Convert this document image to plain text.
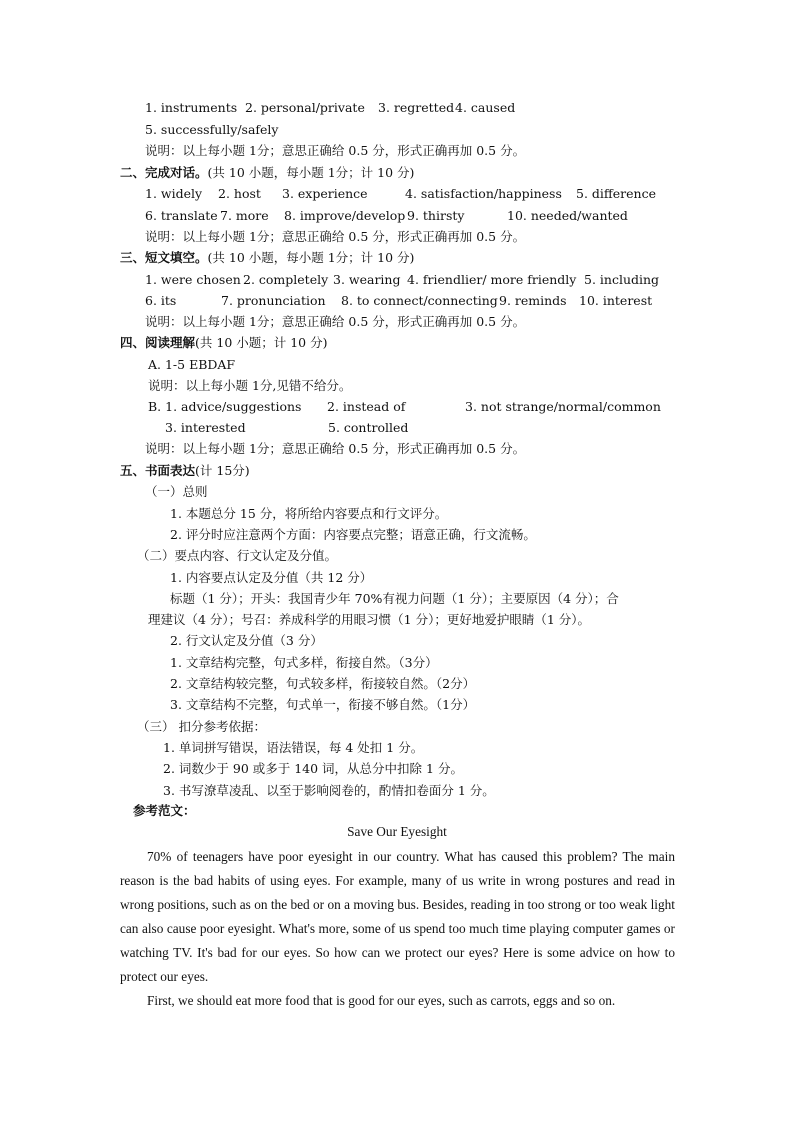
1. instruments 2. personal/private 3. regretted 4. caused
5. successfully/safely
说明：以上每小题 1分；意思正确给 0.5 分，形式正确再加 0.5 分。
二、完成对话。(共 10 小题，每小题 1分；计 10 分)
1. widely 2. host 3. experience	4. satisfaction/happiness 5. difference
6. translate 7. more 8. improve/develop 9. thirsty	10. needed/wanted
说明：以上每小题 1分；意思正确给 0.5 分，形式正确再加 0.5 分。
三、短文填空。(共 10 小题，每小题 1分；计 10 分)
1. were chosen 2. completely 3. wearing 4. friendlier/ more friendly 5. including
6. its	7. pronunciation 8. to connect/connecting 9. reminds 10. interest
说明：以上每小题 1分；意思正确给 0.5 分，形式正确再加 0.5 分。
四、阅读理解(共 10 小题；计 10 分)
A. 1-5 EBDAF
说明：以上每小题 1分,见错不给分。
B. 1. advice/suggestions 2. instead of	3. not strange/normal/common
3. interested	5. controlled
说明：以上每小题 1分；意思正确给 0.5 分，形式正确再加 0.5 分。
五、书面表达(计 15分)
（一）总则
1. 本题总分 15 分，将所给内容要点和行文评分。
2. 评分时应注意两个方面：内容要点完整；语意正确，行文流畅。
（二）要点内容、行文认定及分值。
1. 内容要点认定及分值（共 12 分）
标题（1 分）；开头：我国青少年 70%有视力问题（1 分）；主要原因（4 分）；合
理建议（4 分）；号召：养成科学的用眼习惯（1 分）；更好地爱护眼睛（1 分）。
2. 行文认定及分值（3 分）
1. 文章结构完整，句式多样，衔接自然。（3分）
2. 文章结构较完整，句式较多样，衔接较自然。（2分）
3. 文章结构不完整，句式单一，衔接不够自然。（1分）
（三） 扣分参考依据：
1. 单词拼写错误，语法错误，每 4 处扣 1 分。
2. 词数少于 90 或多于 140 词，从总分中扣除 1 分。
3. 书写潦草凌乱、以至于影响阅卷的，酌情扣卷面分 1 分。
参考范文：
Save Our Eyesight
70% of teenagers have poor eyesight in our country. What has caused this problem? The main reason is the bad habits of using eyes. For example, many of us write in wrong postures and read in wrong positions, such as on the bed or on a moving bus. Besides, reading in too strong or too weak light can also cause poor eyesight. What's more, some of us spend too much time playing computer games or watching TV. It's bad for our eyes. So how can we protect our eyes? Here is some advice on how to protect our eyes.
First, we should eat more food that is good for our eyes, such as carrots, eggs and so on.
